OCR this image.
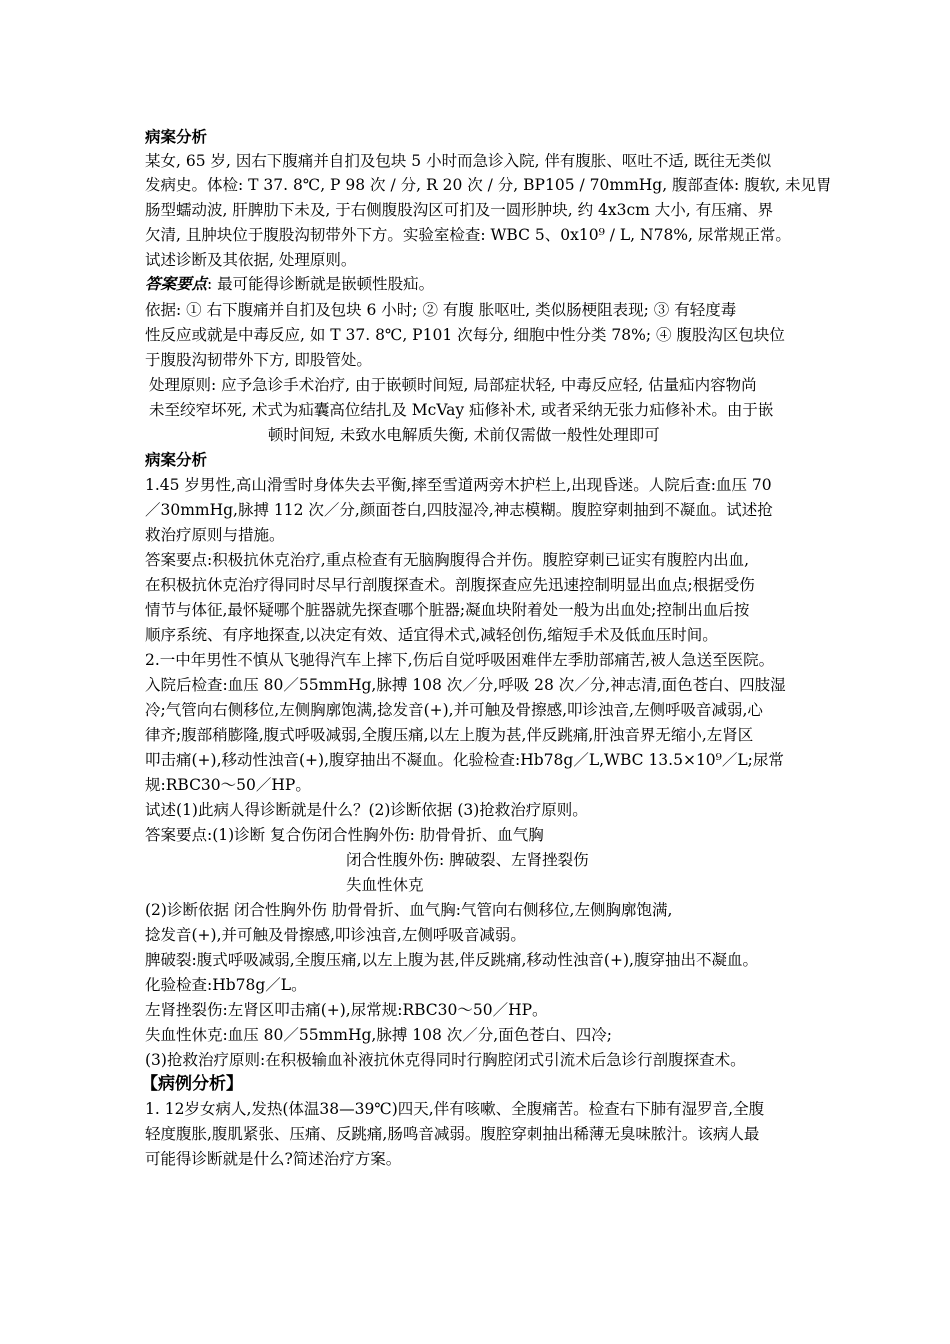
病案分析
某女, 65 岁, 因右下腹痛并自扪及包块 5 小时而急诊入院, 伴有腹胀、呕吐不适, 既往无类似
发病史。体检: T 37. 8℃, P 98 次 / 分, R 20 次 / 分, BP105 / 70mmHg, 腹部查体: 腹软, 未见胃
肠型蠕动波, 肝脾肋下未及, 于右侧腹股沟区可扪及一圆形肿块, 约 4x3cm 大小, 有压痛、界
欠清, 且肿块位于腹股沟韧带外下方。实验室检查: WBC 5、0x10⁹ / L, N78%, 尿常规正常。
试述诊断及其依据, 处理原则。
答案要点: 最可能得诊断就是嵌顿性股疝。
依据: ① 右下腹痛并自扪及包块 6 小时; ② 有腹 胀呕吐, 类似肠梗阻表现; ③ 有轻度毒
性反应或就是中毒反应, 如 T 37. 8℃, P101 次每分, 细胞中性分类 78%; ④ 腹股沟区包块位
于腹股沟韧带外下方, 即股管处。
处理原则: 应予急诊手术治疗, 由于嵌顿时间短, 局部症状轻, 中毒反应轻, 估量疝内容物尚
未至绞窄坏死, 术式为疝囊高位结扎及 McVay 疝修补术, 或者采纳无张力疝修补术。由于嵌
顿时间短, 未致水电解质失衡, 术前仅需做一般性处理即可
病案分析
1.45 岁男性,高山滑雪时身体失去平衡,摔至雪道两旁木护栏上,出现昏迷。人院后查:血压 70
／30mmHg,脉搏 112 次／分,颜面苍白,四肢湿冷,神志模糊。腹腔穿刺抽到不凝血。试述抢
救治疗原则与措施。
答案要点:积极抗休克治疗,重点检查有无脑胸腹得合并伤。腹腔穿刺已证实有腹腔内出血,
在积极抗休克治疗得同时尽早行剖腹探查术。剖腹探查应先迅速控制明显出血点;根据受伤
情节与体征,最怀疑哪个脏器就先探查哪个脏器;凝血块附着处一般为出血处;控制出血后按
顺序系统、有序地探查,以决定有效、适宜得术式,减轻创伤,缩短手术及低血压时间。
2.一中年男性不慎从飞驰得汽车上摔下,伤后自觉呼吸困难伴左季肋部痛苦,被人急送至医院。
入院后检查:血压 80／55mmHg,脉搏 108 次／分,呼吸 28 次／分,神志清,面色苍白、四肢湿
冷;气管向右侧移位,左侧胸廓饱满,捻发音(+),并可触及骨擦感,叩诊浊音,左侧呼吸音减弱,心
律齐;腹部稍膨隆,腹式呼吸减弱,全腹压痛,以左上腹为甚,伴反跳痛,肝浊音界无缩小,左肾区
叩击痛(+),移动性浊音(+),腹穿抽出不凝血。化验检查:Hb78g／L,WBC 13.5×10⁹／L;尿常
规:RBC30～50／HP。
试述(1)此病人得诊断就是什么？(2)诊断依据 (3)抢救治疗原则。
答案要点:(1)诊断 复合伤闭合性胸外伤: 肋骨骨折、血气胸
闭合性腹外伤: 脾破裂、左肾挫裂伤
失血性休克
(2)诊断依据 闭合性胸外伤 肋骨骨折、血气胸:气管向右侧移位,左侧胸廓饱满,
捻发音(+),并可触及骨擦感,叩诊浊音,左侧呼吸音减弱。
脾破裂:腹式呼吸减弱,全腹压痛,以左上腹为甚,伴反跳痛,移动性浊音(+),腹穿抽出不凝血。
化验检查:Hb78g／L。
左肾挫裂伤:左肾区叩击痛(+),尿常规:RBC30～50／HP。
失血性休克:血压 80／55mmHg,脉搏 108 次／分,面色苍白、四冷;
(3)抢救治疗原则:在积极输血补液抗休克得同时行胸腔闭式引流术后急诊行剖腹探查术。
【病例分析】
1. 12岁女病人,发热(体温38—39℃)四天,伴有咳嗽、全腹痛苦。检查右下肺有湿罗音,全腹
轻度腹胀,腹肌紧张、压痛、反跳痛,肠鸣音减弱。腹腔穿刺抽出稀薄无臭味脓汁。该病人最
可能得诊断就是什么?简述治疗方案。
